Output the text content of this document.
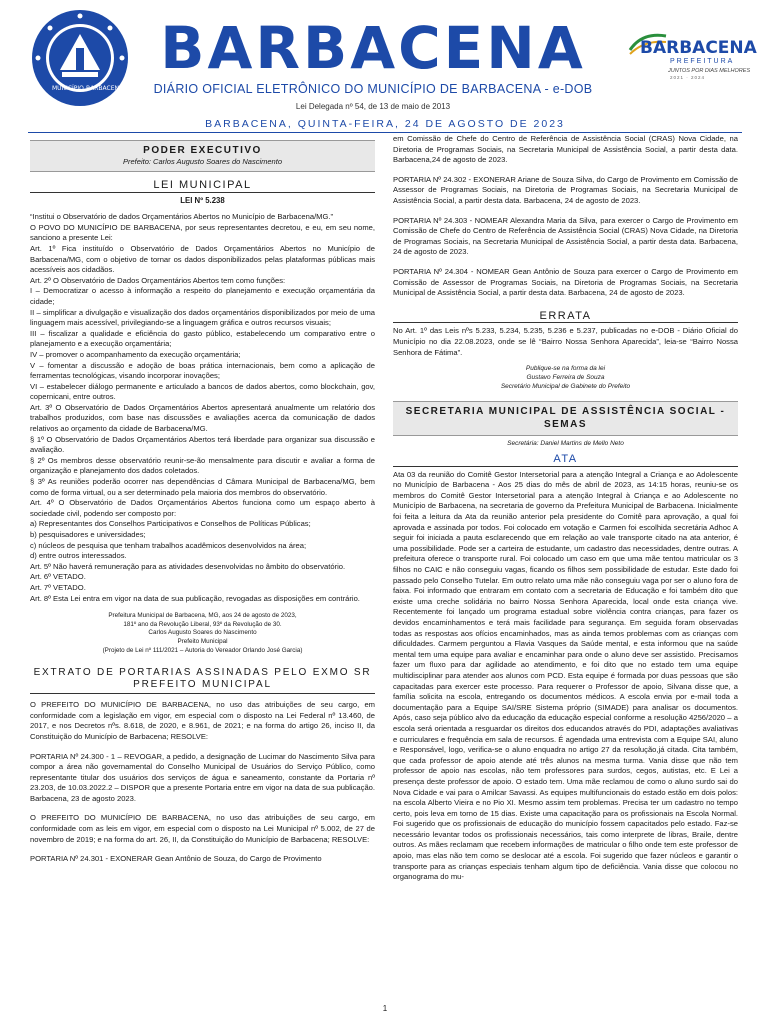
MUNICÍPIO BARBACENA
BARBACENA
DIÁRIO OFICIAL ELETRÔNICO DO MUNICÍPIO DE BARBACENA - e-DOB
Lei Delegada nº 54, de 13 de maio de 2013
BARBACENA
PREFEITURA
JUNTOS POR DIAS MELHORES
2021 · 2024
BARBACENA, QUINTA-FEIRA, 24 DE AGOSTO DE 2023
PODER EXECUTIVO
Prefeito: Carlos Augusto Soares do Nascimento
LEI MUNICIPAL
LEI Nº 5.238
“Institui o Observatório de dados Orçamentários Abertos no Município de Barbacena/MG.”
O POVO DO MUNICÍPIO DE BARBACENA, por seus representantes decretou, e eu, em seu nome, sanciono a presente Lei:
Art. 1º Fica instituído o Observatório de Dados Orçamentários Abertos no Município de Barbacena/MG, com o objetivo de tornar os dados disponibilizados pelas plataformas públicas mais acessíveis aos cidadãos.
Art. 2º O Observatório de Dados Orçamentários Abertos tem como funções:
I – Democratizar o acesso à informação a respeito do planejamento e execução orçamentária da cidade;
II – simplificar a divulgação e visualização dos dados orçamentários disponibilizados por meio de uma linguagem mais acessível, privilegiando-se a linguagem gráfica e outros recursos visuais;
III – fiscalizar a qualidade e eficiência do gasto público, estabelecendo um comparativo entre o planejamento e a execução orçamentária;
IV – promover o acompanhamento da execução orçamentária;
V – fomentar a discussão e adoção de boas prática internacionais, bem como a aplicação de ferramentas tecnológicas, visando incorporar inovações;
VI – estabelecer diálogo permanente e articulado a bancos de dados abertos, como blockchain, gov, copernicani, entre outros.
Art. 3º O Observatório de Dados Orçamentários Abertos apresentará anualmente um relatório dos trabalhos produzidos, com base nas discussões e avaliações acerca da comunicação de dados relativos ao orçamento da cidade de Barbacena/MG.
§ 1º O Observatório de Dados Orçamentários Abertos terá liberdade para organizar sua discussão e avaliação.
§ 2º Os membros desse observatório reunir-se-ão mensalmente para discutir e avaliar a forma de organização e planejamento dos dados coletados.
§ 3º As reuniões poderão ocorrer nas dependências d Câmara Municipal de Barbacena/MG, bem como de forma virtual, ou a ser determinado pela maioria dos membros do observatório.
Art. 4º O Observatório de Dados Orçamentários Abertos funciona como um espaço aberto à sociedade civil, podendo ser composto por:
a) Representantes dos Conselhos Participativos e Conselhos de Políticas Públicas;
b) pesquisadores e universidades;
c) núcleos de pesquisa que tenham trabalhos acadêmicos desenvolvidos na área;
d) entre outros interessados.
Art. 5º Não haverá remuneração para as atividades desenvolvidas no âmbito do observatório.
Art. 6º VETADO.
Art. 7º VETADO.
Art. 8º Esta Lei entra em vigor na data de sua publicação, revogadas as disposições em contrário.
Prefeitura Municipal de Barbacena, MG, aos 24 de agosto de 2023,
181º ano da Revolução Liberal, 93º da Revolução de 30.
Carlos Augusto Soares do Nascimento
Prefeito Municipal
(Projeto de Lei nº 111/2021 – Autoria do Vereador Orlando José Garcia)
EXTRATO DE PORTARIAS ASSINADAS PELO EXMO SR PREFEITO MUNICIPAL
O PREFEITO DO MUNICÍPIO DE BARBACENA, no uso das atribuições de seu cargo, em conformidade com a legislação em vigor, em especial com o disposto na Lei Federal nº 13.460, de 2017, e nos Decretos nºs. 8.618, de 2020, e 8.961, de 2021; e na forma do artigo 26, inciso II, da Constituição do Município de Barbacena; RESOLVE:
PORTARIA Nº 24.300 - 1 – REVOGAR, a pedido, a designação de Lucimar do Nascimento Silva para compor a área não governamental do Conselho Municipal de Usuários do Serviço Público, como representante titular dos usuários dos serviços de água e saneamento, constante da Portaria nº 23.203, de 10.03.2022.2 – DISPOR que a presente Portaria entre em vigor na data de sua publicação. Barbacena, 23 de agosto 2023.
O PREFEITO DO MUNICÍPIO DE BARBACENA, no uso das atribuições de seu cargo, em conformidade com as leis em vigor, em especial com o disposto na Lei Municipal nº 5.002, de 27 de novembro de 2019; e na forma do art. 26, II, da Constituição do Município de Barbacena; RESOLVE:
PORTARIA Nº 24.301 - EXONERAR Gean Antônio de Souza, do Cargo de Provimento
em Comissão de Chefe do Centro de Referência de Assistência Social (CRAS) Nova Cidade, na Diretoria de Programas Sociais, na Secretaria Municipal de Assistência Social, a partir desta data. Barbacena,24 de agosto de 2023.
PORTARIA Nº 24.302 - EXONERAR Ariane de Souza Silva, do Cargo de Provimento em Comissão de Assessor de Programas Sociais, na Diretoria de Programas Sociais, na Secretaria Municipal de Assistência Social, a partir desta data. Barbacena, 24 de agosto de 2023.
PORTARIA Nº 24.303 - NOMEAR Alexandra Maria da Silva, para exercer o Cargo de Provimento em Comissão de Chefe do Centro de Referência de Assistência Social (CRAS) Nova Cidade, na Diretoria de Programas Sociais, na Secretaria Municipal de Assistência Social, a partir desta data. Barbacena, 24 de agosto de 2023.
PORTARIA Nº 24.304 - NOMEAR Gean Antônio de Souza para exercer o Cargo de Provimento em Comissão de Assessor de Programas Sociais, na Diretoria de Programas Sociais, na Secretaria Municipal de Assistência Social, a partir desta data. Barbacena, 24 de agosto de 2023.
ERRATA
No Art. 1º das Leis nºs 5.233, 5.234, 5.235, 5.236 e 5.237, publicadas no e-DOB - Diário Oficial do Município no dia 22.08.2023, onde se lê “Bairro Nossa Senhora Aparecida”, leia-se “Bairro Nossa Senhora de Fátima”.
Publique-se na forma da lei
Gustavo Ferreira de Souza
Secretário Municipal de Gabinete do Prefeito
SECRETARIA MUNICIPAL DE ASSISTÊNCIA SOCIAL - SEMAS
Secretária: Daniel Martins de Mello Neto
ATA
Ata 03 da reunião do Comitê Gestor Intersetorial para a atenção Integral a Criança e ao Adolescente no Município de Barbacena - Aos 25 dias do mês de abril de 2023, as 14:15 horas, reuniu-se os membros do Comitê Gestor Intersetorial para a atenção Integral à Criança e ao Adolescente no Município de Barbacena, na secretaria de governo da Prefeitura Municipal de Barbacena. Inicialmente foi feita a leitura da Ata da reunião anterior pela presidente do Comitê para aprovação, a qual foi aprovada e assinada por todos. Foi colocado em votação e Carmen foi escolhida secretária Adhoc A seguir foi iniciada a pauta esclarecendo que em relação ao vale transporte citado na ata anterior, é uma possibilidade. Pode ser a carteira de estudante, um cadastro das necessidades, dentre outras. A prefeitura oferece o transporte rural. Foi colocado um caso em que uma mãe tentou matricular os 3 filhos no CAIC e não conseguiu vagas, ficando os filhos sem possibilidade de estudar. Este dado foi passado pelo Conselho Tutelar. Em outro relato uma mãe não conseguiu vaga por ser o aluno fora de faixa. Foi informado que entraram em contato com a secretaria de Educação e foi também dito que existe uma creche solidária no bairro Nossa Senhora Aparecida, local onde esta criança vive. Recentemente foi lançado um programa estadual sobre violência contra crianças, para fazer os devidos encaminhamentos e terá mais facilidade para segurança. Em seguida foram observadas todas as respostas aos ofícios encaminhados, mas as ainda temos problemas com as crianças com dificuldades. Carmem perguntou a Flavia Vasques da Saúde mental, e esta informou que na saúde mental tem uma equipe para avaliar e encaminhar para onde o aluno deve ser assistido. Precisamos fazer um fluxo para dar agilidade ao atendimento, e foi dito que no estado tem uma equipe multidisciplinar para atender aos alunos com PCD. Esta equipe é formada por duas pessoas que são capacitadas para exercer este processo. Para requerer o Professor de apoio, Silvana disse que, a família solicita na escola, entregando os documentos médicos. A escola envia por e-mail toda a documentação para a Equipe SAI/SRE Sistema próprio (SIMADE) para analisar os documentos. Após, caso seja público alvo da educação da educação especial conforme a resolução 4256/2020 – a escola será orientada a resguardar os direitos dos educandos através do PDI, adaptações avaliativas e curriculares e frequência em sala de recursos. É agendada uma entrevista com a Equipe SAI, aluno e Responsável, logo, verifica-se o aluno enquadra no artigo 27 da resolução,já citada. Cita também, que cada professor de apoio atende até três alunos na mesma turma. Vania disse que não tem professor de apoio nas escolas, não tem professores para surdos, cegos, autistas, etc. E Lei a presença deste professor de apoio. O estado tem. Uma mãe reclamou de como o aluno surdo sai do Nova Cidade e vai para o Amilcar Savassi. As equipes multifuncionais do estado estão em dois polos: na escola Alberto Vieira e no Pio XI. Mesmo assim tem problemas. Precisa ter um cadastro no tempo certo, pois leva em torno de 15 dias. Existe uma capacitação para os profissionais na Escola Normal. Foi sugerido que os profissionais de educação do município fossem capacitados pelo estado. Faz-se necessário levantar todos os profissionais necessários, tais como interprete de libras, Braile, dentre outros. As mães reclamam que recebem informações de matricular o filho onde tem este professor de apoio, mas elas não tem como se deslocar até a escola. Foi sugerido que fazer núcleos e garantir o transporte para as crianças especiais tenham algum tipo de deficiência. Vania disse que colocou no organograma do mu-
1
